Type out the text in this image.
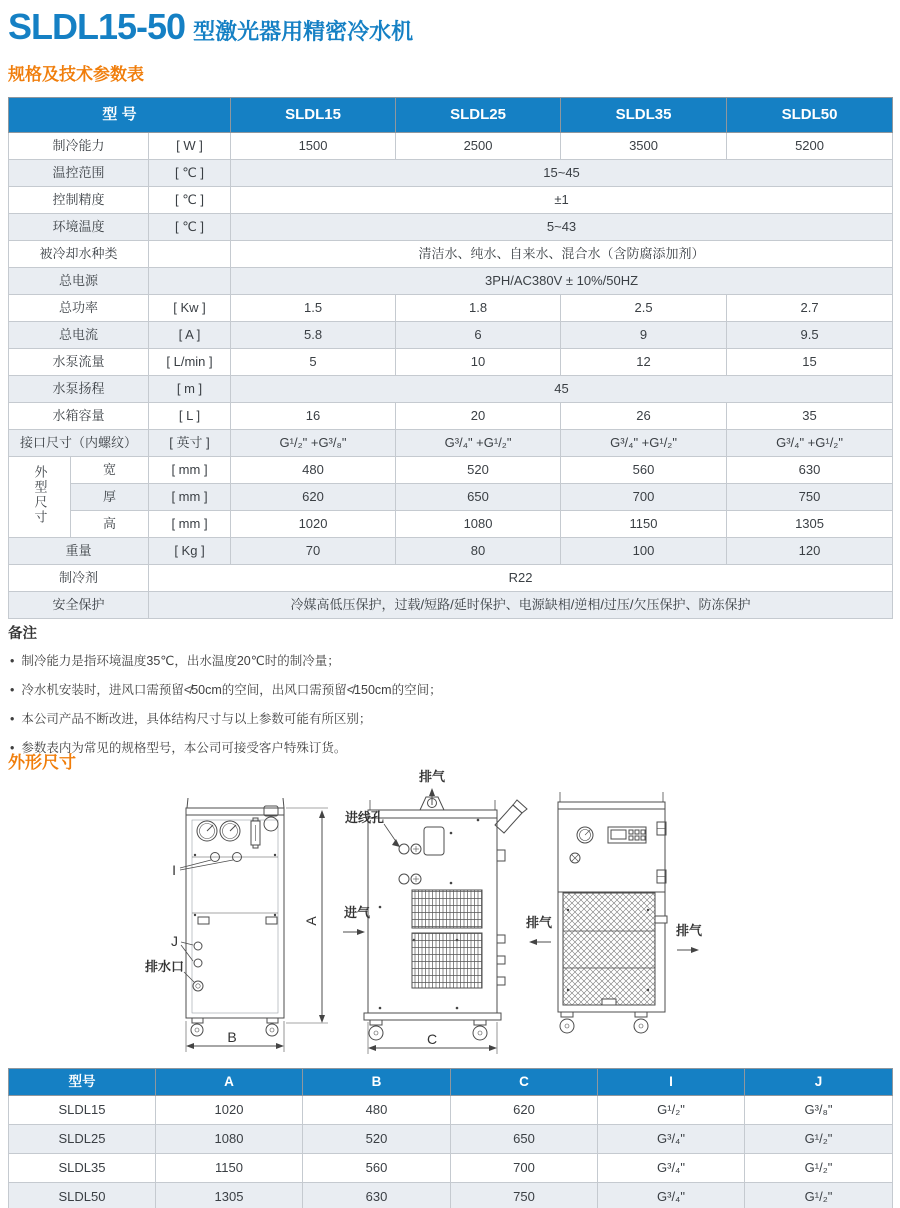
SLDL15-50 型激光器用精密冷水机
规格及技术参数表
型 号			SLDL15	SLDL25	SLDL35	SLDL50
制冷能力		[ W ]	1500	2500	3500	5200
温控范围		[ ℃ ]	15~45			
控制精度		[ ℃ ]	±1			
环境温度		[ ℃ ]	5~43			
被冷却水种类			清洁水、纯水、自来水、混合水（含防腐添加剂）			
总电源			3PH/AC380V ± 10%/50HZ			
总功率		[ Kw ]	1.5	1.8	2.5	2.7
总电流		[ A ]	5.8	6	9	9.5
水泵流量		[ L/min ]	5	10	12	15
水泵扬程		[ m ]	45			
水箱容量		[ L ]	16	20	26	35
接口尺寸（内螺纹）		[ 英寸 ]	G¹/₂" +G³/₈"	G³/₄" +G¹/₂"	G³/₄" +G¹/₂"	G³/₄" +G¹/₂"
外型尺寸	宽	[ mm ]	480	520	560	630
	厚	[ mm ]	620	650	700	750
	高	[ mm ]	1020	1080	1150	1305
重量		[ Kg ]	70	80	100	120
制冷剂		R22				
安全保护		冷媒高低压保护，过载/短路/延时保护、电源缺相/逆相/过压/欠压保护、防冻保护				
备注
• 制冷能力是指环境温度35℃，出水温度20℃时的制冷量；
• 冷水机安装时，进风口需预留≮50cm的空间，出风口需预留≮150cm的空间；
• 本公司产品不断改进，具体结构尺寸与以上参数可能有所区别；
• 参数表内为常见的规格型号，本公司可接受客户特殊订货。
外形尺寸
I
J
排水口
B
A
排气
进线孔
进气
C
排气
排气
型号	A	B	C	I	J
SLDL15	1020	480	620	G¹/₂"	G³/₈"
SLDL25	1080	520	650	G³/₄"	G¹/₂"
SLDL35	1150	560	700	G³/₄"	G¹/₂"
SLDL50	1305	630	750	G³/₄"	G¹/₂"
